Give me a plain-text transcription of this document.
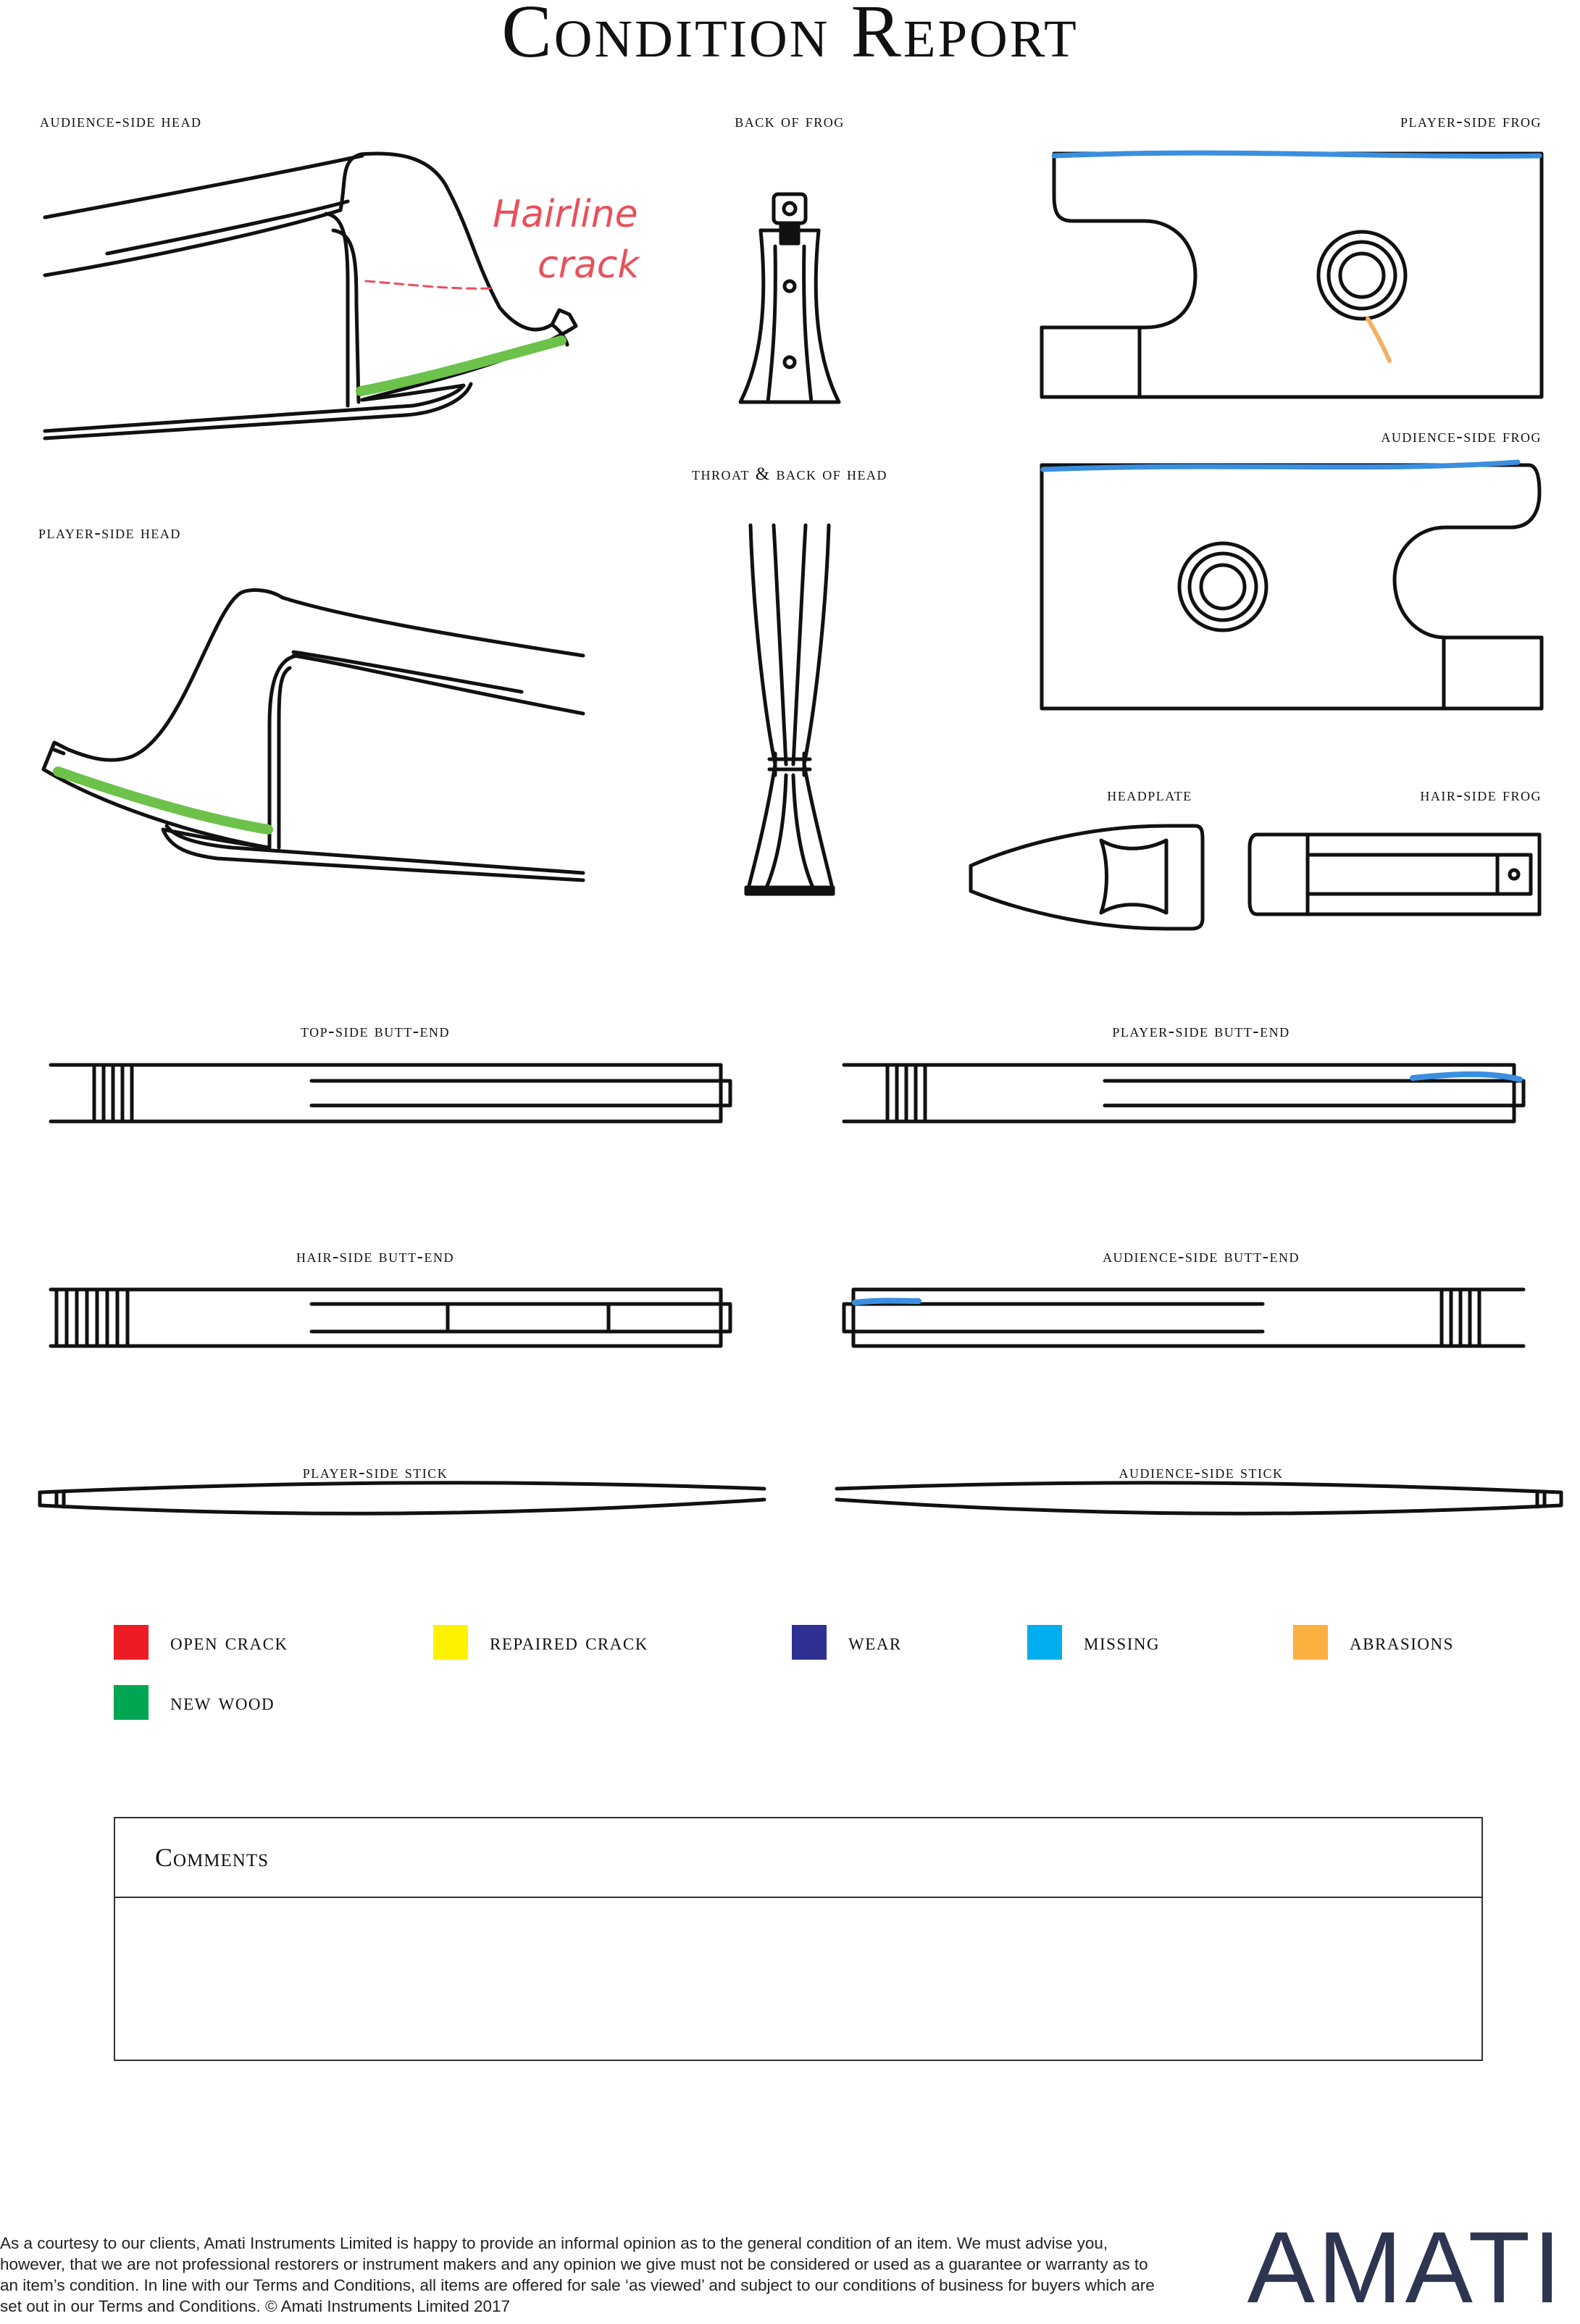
Condition Report
audience-side head	back of frog	player-side frog
throat & back of head
audience-side frog
player-side head
headplate	hair-side frog
top-side butt-end	player-side butt-end
hair-side butt-end	audience-side butt-end
player-side stick	audience-side stick
Hairline
crack
open crack	repaired crack	wear	missing	abrasions
new wood
Comments
As a courtesy to our clients, Amati Instruments Limited is happy to provide an informal opinion as to the general condition of an item. We must advise you, however, that we are not professional restorers or instrument makers and any opinion we give must not be considered or used as a guarantee or warranty as to an item’s condition. In line with our Terms and Conditions, all items are offered for sale ‘as viewed’ and subject to our conditions of business for buyers which are set out in our Terms and Conditions. © Amati Instruments Limited 2017	AMATI
